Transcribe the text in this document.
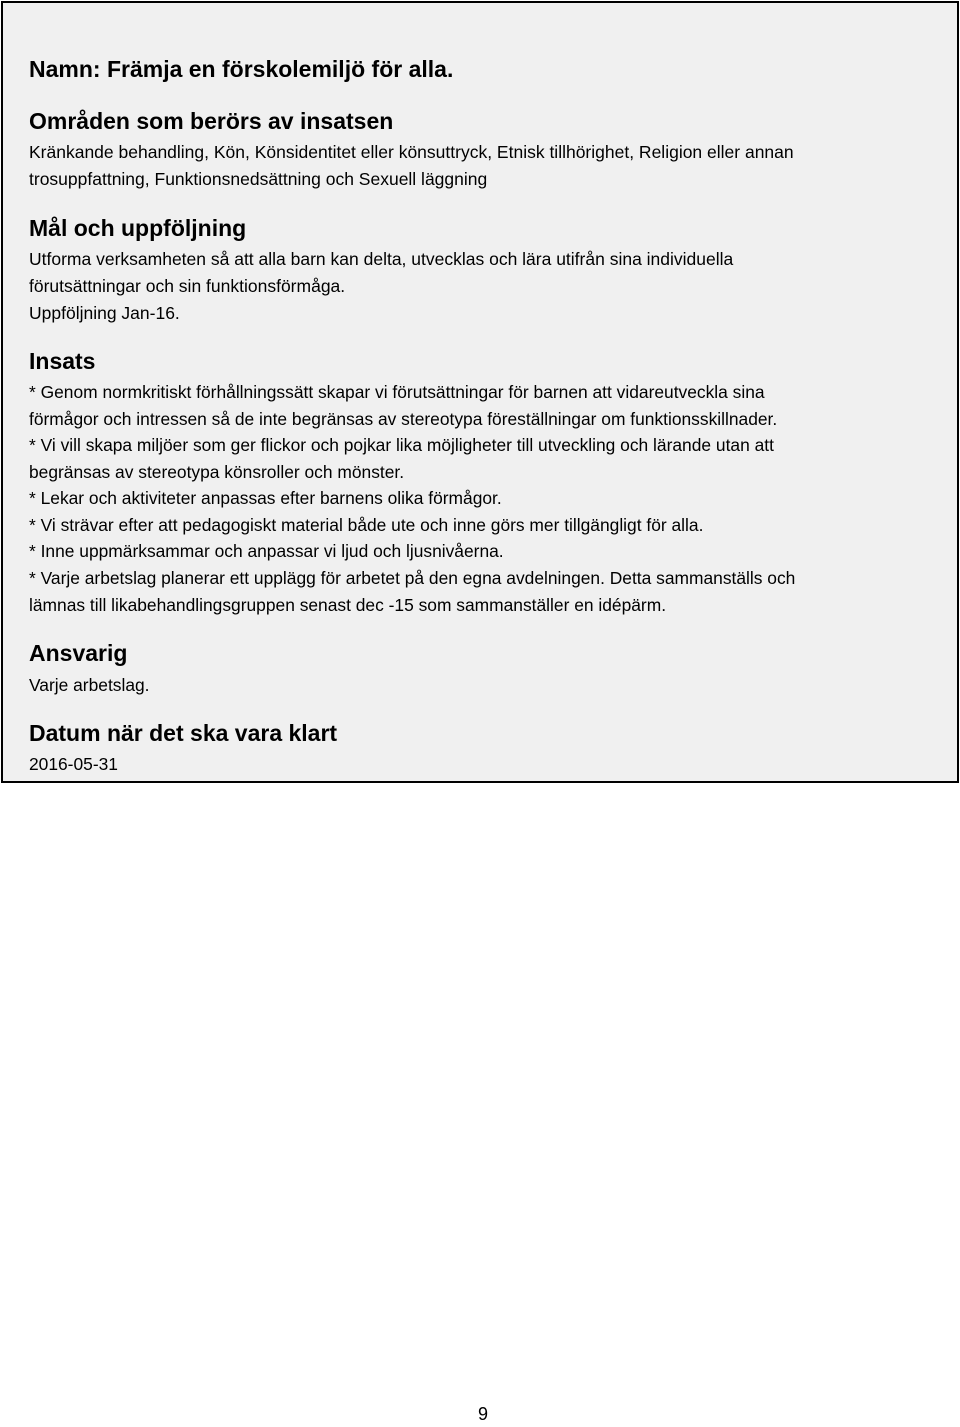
Namn: Främja en förskolemiljö för alla.
Områden som berörs av insatsen
Kränkande behandling, Kön, Könsidentitet eller könsuttryck, Etnisk tillhörighet, Religion eller annan
trosuppfattning, Funktionsnedsättning och Sexuell läggning
Mål och uppföljning
Utforma verksamheten så att alla barn kan delta, utvecklas och lära utifrån sina individuella
förutsättningar och sin funktionsförmåga.
Uppföljning Jan-16.
Insats
* Genom normkritiskt förhållningssätt skapar vi förutsättningar för barnen att vidareutveckla sina
förmågor och intressen så de inte begränsas av stereotypa föreställningar om funktionsskillnader.
* Vi vill skapa miljöer som ger flickor och pojkar lika möjligheter till utveckling och lärande utan att
begränsas av stereotypa könsroller och mönster.
* Lekar och aktiviteter anpassas efter barnens olika förmågor.
* Vi strävar efter att pedagogiskt material både ute och inne görs mer tillgängligt för alla.
* Inne uppmärksammar och anpassar vi ljud och ljusnivåerna.
* Varje arbetslag planerar ett upplägg för arbetet på den egna avdelningen. Detta sammanställs och
lämnas till likabehandlingsgruppen senast dec -15 som sammanställer en idépärm.
Ansvarig
Varje arbetslag.
Datum när det ska vara klart
2016-05-31
9
